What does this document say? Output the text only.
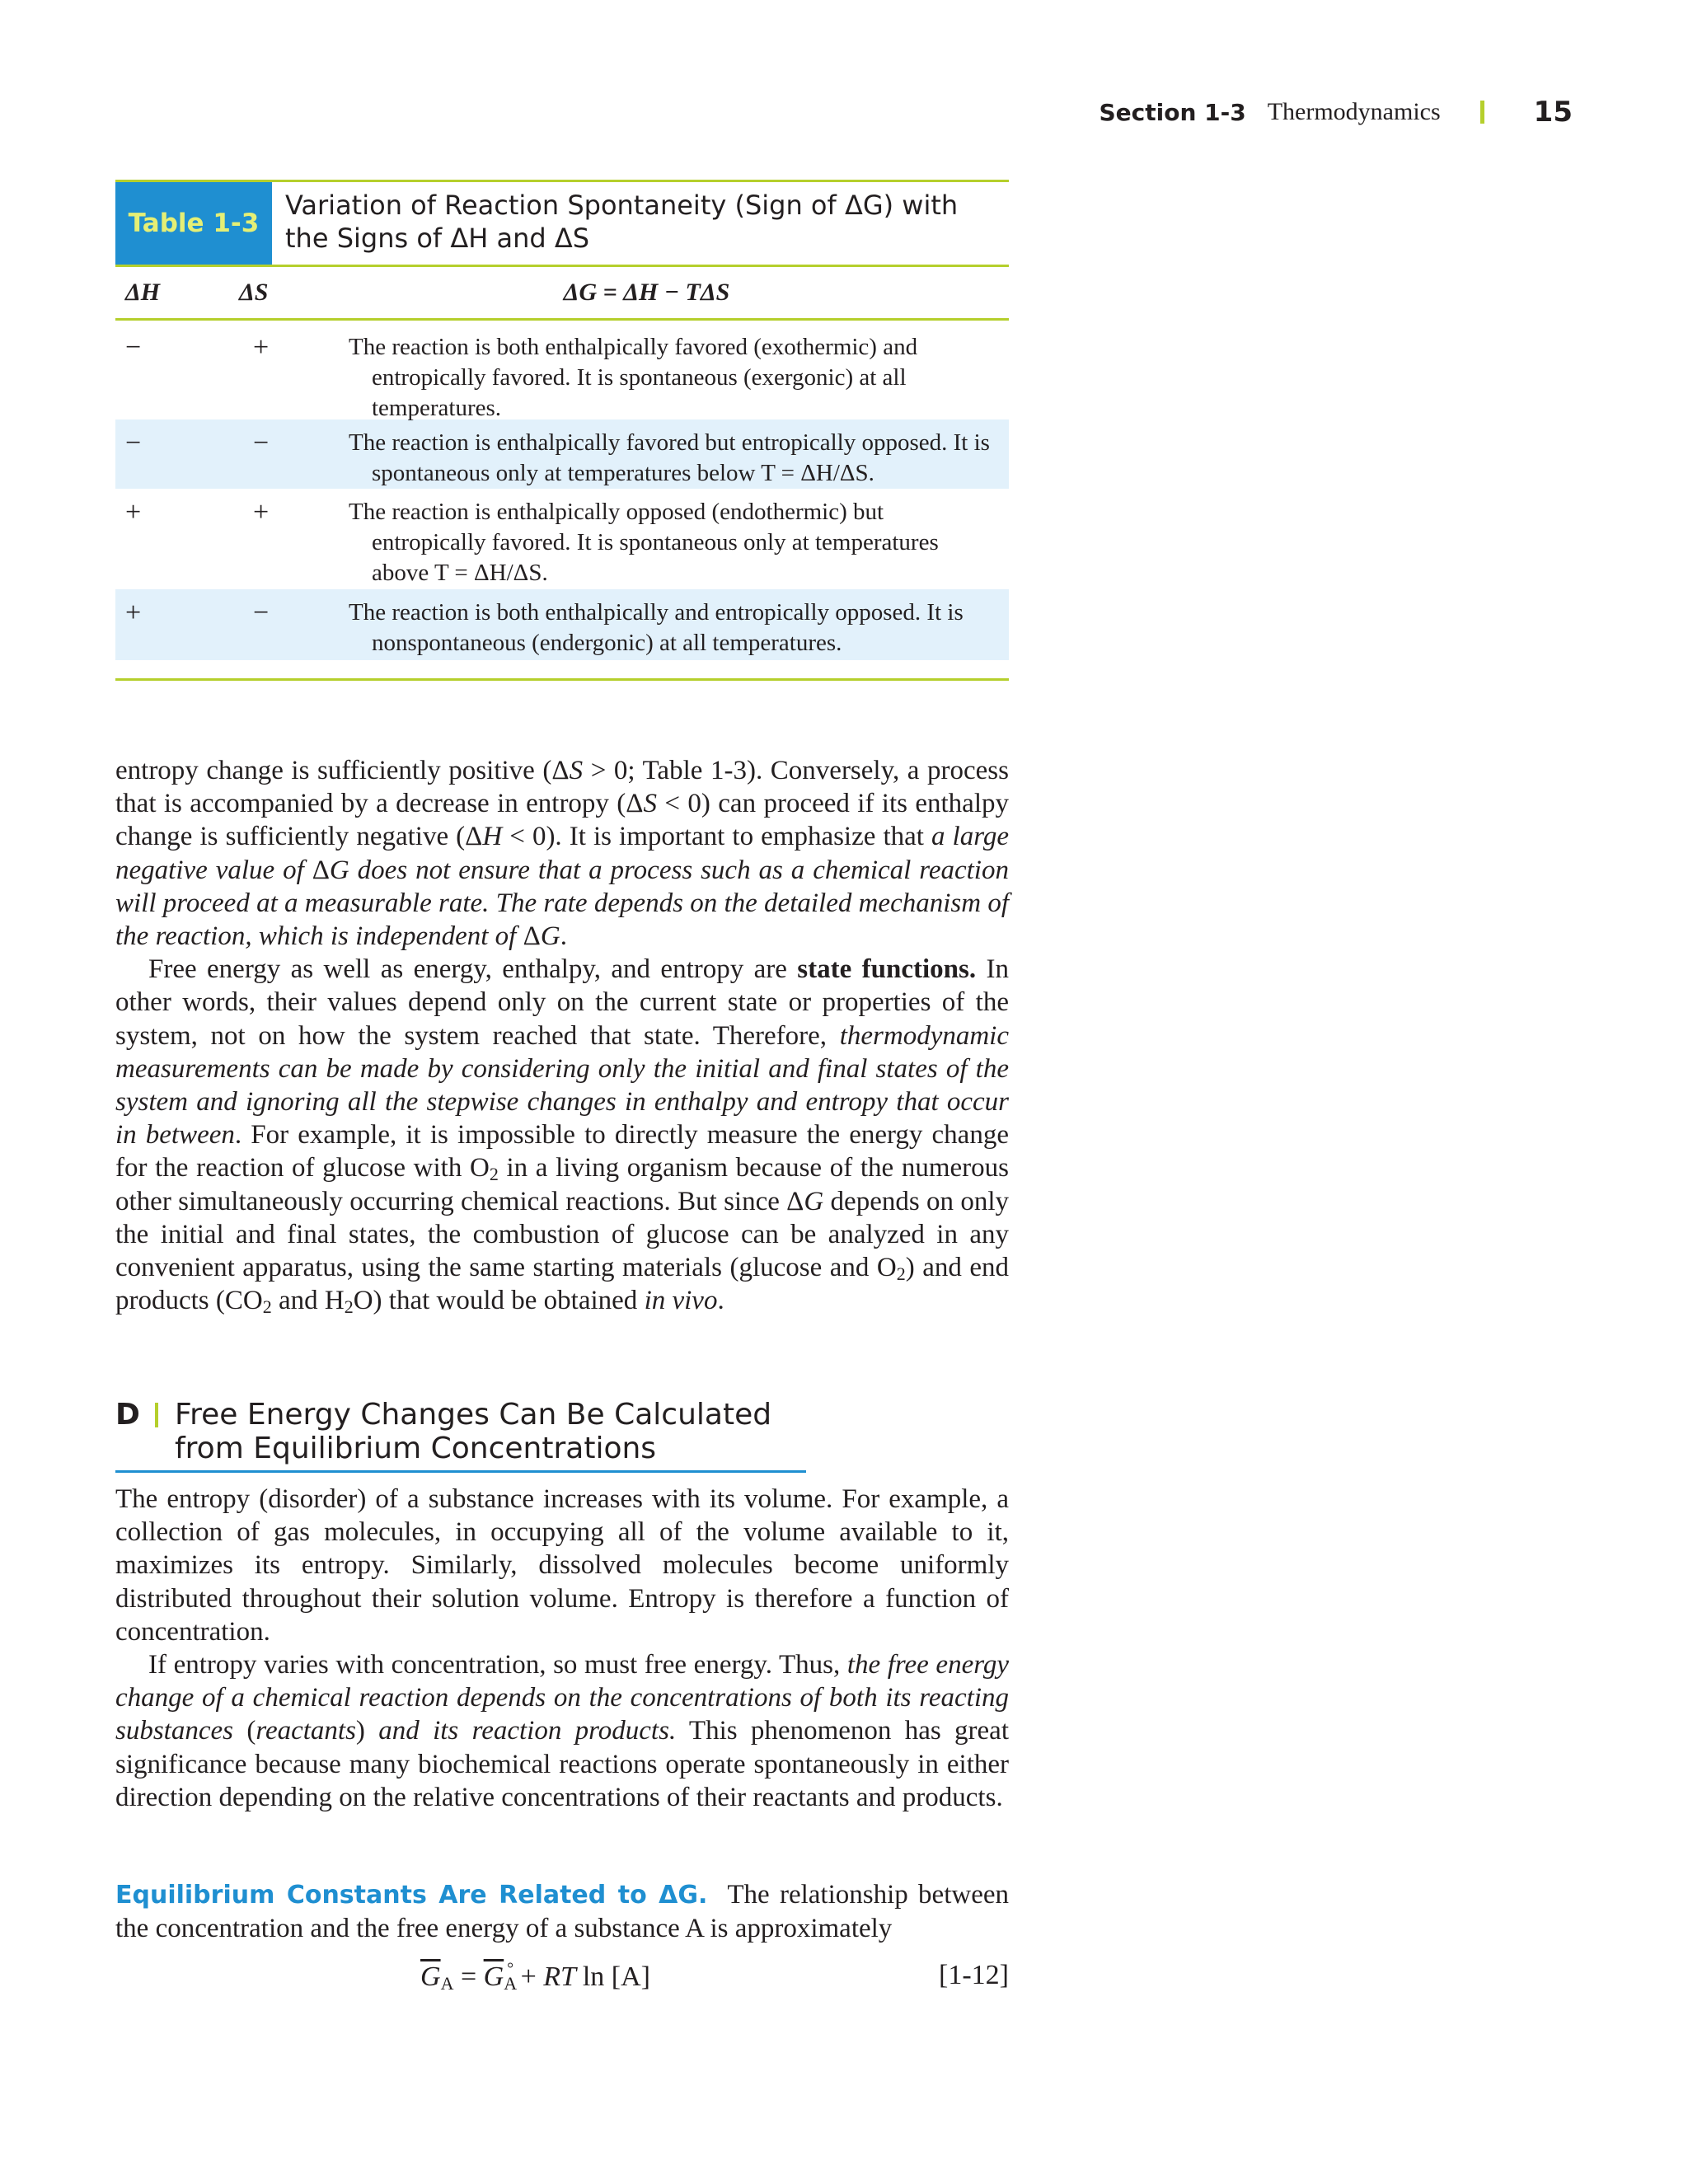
Section 1-3 Thermodynamics	15
Table 1-3
Variation of Reaction Spontaneity (Sign of ΔG) with
the Signs of ΔH and ΔS
ΔH	ΔS	ΔG = ΔH − TΔS
−	+	The reaction is both enthalpically favored (exothermic) and entropically favored. It is spontaneous (exergonic) at all temperatures.
−	−	The reaction is enthalpically favored but entropically opposed. It is spontaneous only at temperatures below T = ΔH/ΔS.
+	+	The reaction is enthalpically opposed (endothermic) but entropically favored. It is spontaneous only at temperatures above T = ΔH/ΔS.
+	−	The reaction is both enthalpically and entropically opposed. It is nonspontaneous (endergonic) at all temperatures.

entropy change is sufficiently positive (ΔS > 0; Table 1-3). Conversely, a process that is accompanied by a decrease in entropy (ΔS < 0) can proceed if its enthalpy change is sufficiently negative (ΔH < 0). It is important to emphasize that a large negative value of ΔG does not ensure that a process such as a chemical reaction will proceed at a measurable rate. The rate depends on the detailed mechanism of the reaction, which is independent of ΔG.

Free energy as well as energy, enthalpy, and entropy are state functions. In other words, their values depend only on the current state or properties of the system, not on how the system reached that state. Therefore, thermodynamic measurements can be made by considering only the initial and final states of the system and ignoring all the stepwise changes in enthalpy and entropy that occur in between. For example, it is impossible to directly measure the energy change for the reaction of glucose with $O_2$ in a living organism because of the numerous other simultaneously occurring chemical reactions. But since ΔG depends on only the initial and final states, the combustion of glucose can be analyzed in any convenient apparatus, using the same starting materials (glucose and $O_2$) and end products ($CO_2$ and $H_2O$) that would be obtained in vivo.

D Free Energy Changes Can Be Calculated from Equilibrium Concentrations

The entropy (disorder) of a substance increases with its volume. For example, a collection of gas molecules, in occupying all of the volume available to it, maximizes its entropy. Similarly, dissolved molecules become uniformly distributed throughout their solution volume. Entropy is therefore a function of concentration.

If entropy varies with concentration, so must free energy. Thus, the free energy change of a chemical reaction depends on the concentrations of both its reacting substances (reactants) and its reaction products. This phenomenon has great significance because many biochemical reactions operate spontaneously in either direction depending on the relative concentrations of their reactants and products.

Equilibrium Constants Are Related to ΔG.  The relationship between the concentration and the free energy of a substance A is approximately

$\overline{G}_A = \overline{G}_A^\circ$ + RT ln [A]	[1-12]
